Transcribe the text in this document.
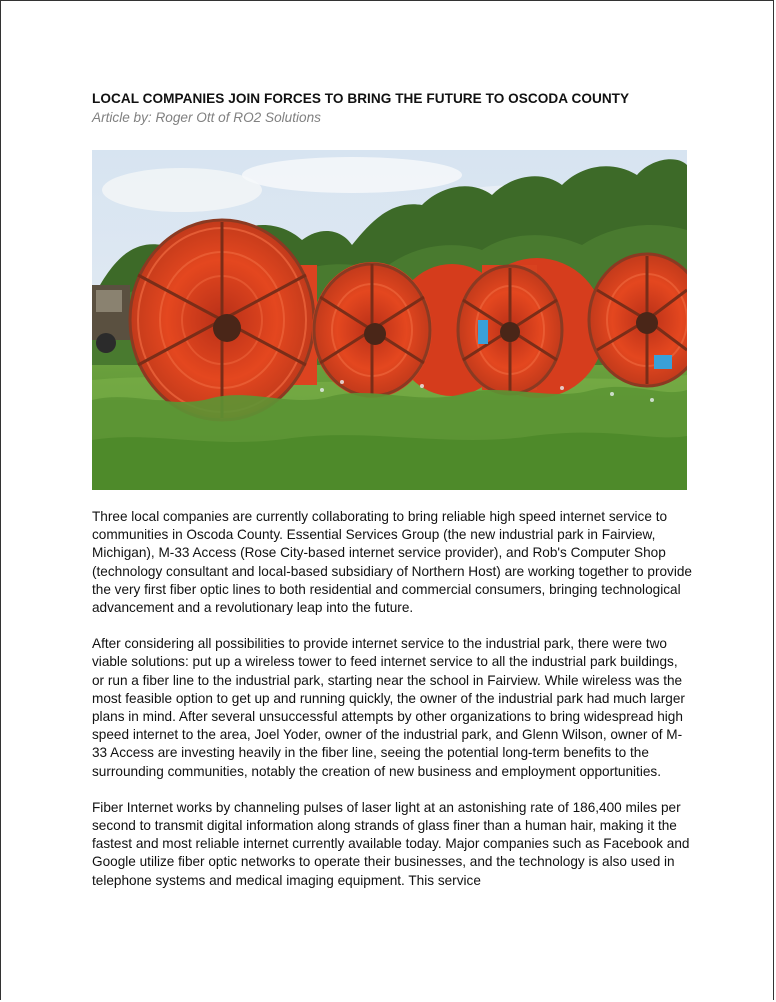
LOCAL COMPANIES JOIN FORCES TO BRING THE FUTURE TO OSCODA COUNTY

Article by: Roger Ott of RO2 Solutions

Three local companies are currently collaborating to bring reliable high speed internet service to communities in Oscoda County. Essential Services Group (the new industrial park in Fairview, Michigan), M-33 Access (Rose City-based internet service provider), and Rob's Computer Shop (technology consultant and local-based subsidiary of Northern Host) are working together to provide the very first fiber optic lines to both residential and commercial consumers, bringing technological advancement and a revolutionary leap into the future.

After considering all possibilities to provide internet service to the industrial park, there were two viable solutions: put up a wireless tower to feed internet service to all the industrial park buildings, or run a fiber line to the industrial park, starting near the school in Fairview. While wireless was the most feasible option to get up and running quickly, the owner of the industrial park had much larger plans in mind. After several unsuccessful attempts by other organizations to bring widespread high speed internet to the area, Joel Yoder, owner of the industrial park, and Glenn Wilson, owner of M-33 Access are investing heavily in the fiber line, seeing the potential long-term benefits to the surrounding communities, notably the creation of new business and employment opportunities.

Fiber Internet works by channeling pulses of laser light at an astonishing rate of 186,400 miles per second to transmit digital information along strands of glass finer than a human hair, making it the fastest and most reliable internet currently available today. Major companies such as Facebook and Google utilize fiber optic networks to operate their businesses, and the technology is also used in telephone systems and medical imaging equipment. This service
